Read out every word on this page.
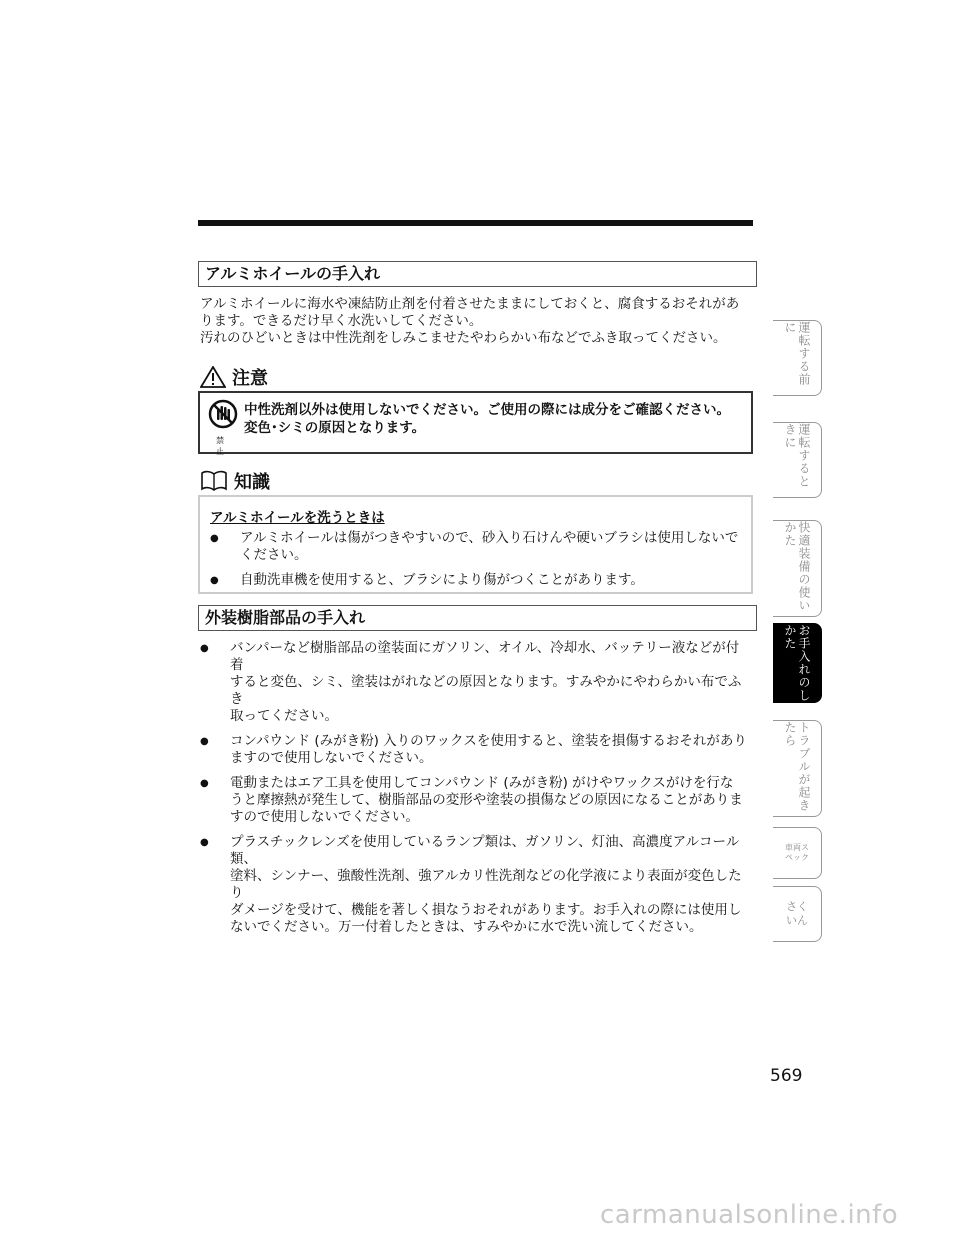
アルミホイールの手入れ
アルミホイールに海水や凍結防止剤を付着させたままにしておくと、腐食するおそれがあ
ります。できるだけ早く水洗いしてください。
汚れのひどいときは中性洗剤をしみこませたやわらかい布などでふき取ってください。
注意
禁 止
中性洗剤以外は使用しないでください。ご使用の際には成分をご確認ください。
変色･シミの原因となります。
知識
アルミホイールを洗うときは
● アルミホイールは傷がつきやすいので、砂入り石けんや硬いブラシは使用しないで
ください。
● 自動洗車機を使用すると、ブラシにより傷がつくことがあります。
外装樹脂部品の手入れ
● バンパーなど樹脂部品の塗装面にガソリン、オイル、冷却水、バッテリー液などが付着
すると変色、シミ、塗装はがれなどの原因となります。すみやかにやわらかい布でふき
取ってください。
● コンパウンド (みがき粉) 入りのワックスを使用すると、塗装を損傷するおそれがあり
ますので使用しないでください。
● 電動またはエア工具を使用してコンパウンド (みがき粉) がけやワックスがけを行な
うと摩擦熱が発生して、樹脂部品の変形や塗装の損傷などの原因になることがありま
すので使用しないでください。
● プラスチックレンズを使用しているランプ類は、ガソリン、灯油、高濃度アルコール類、
塗料、シンナー、強酸性洗剤、強アルカリ性洗剤などの化学液により表面が変色したり
ダメージを受けて、機能を著しく損なうおそれがあります。お手入れの際には使用し
ないでください。万一付着したときは、すみやかに水で洗い流してください。
運転する前に
運転するときに
快適装備の使いかた
お手入れのしかた
トラブルが起きたら
車両スペック
さくいん
569
carmanualsonline.info
